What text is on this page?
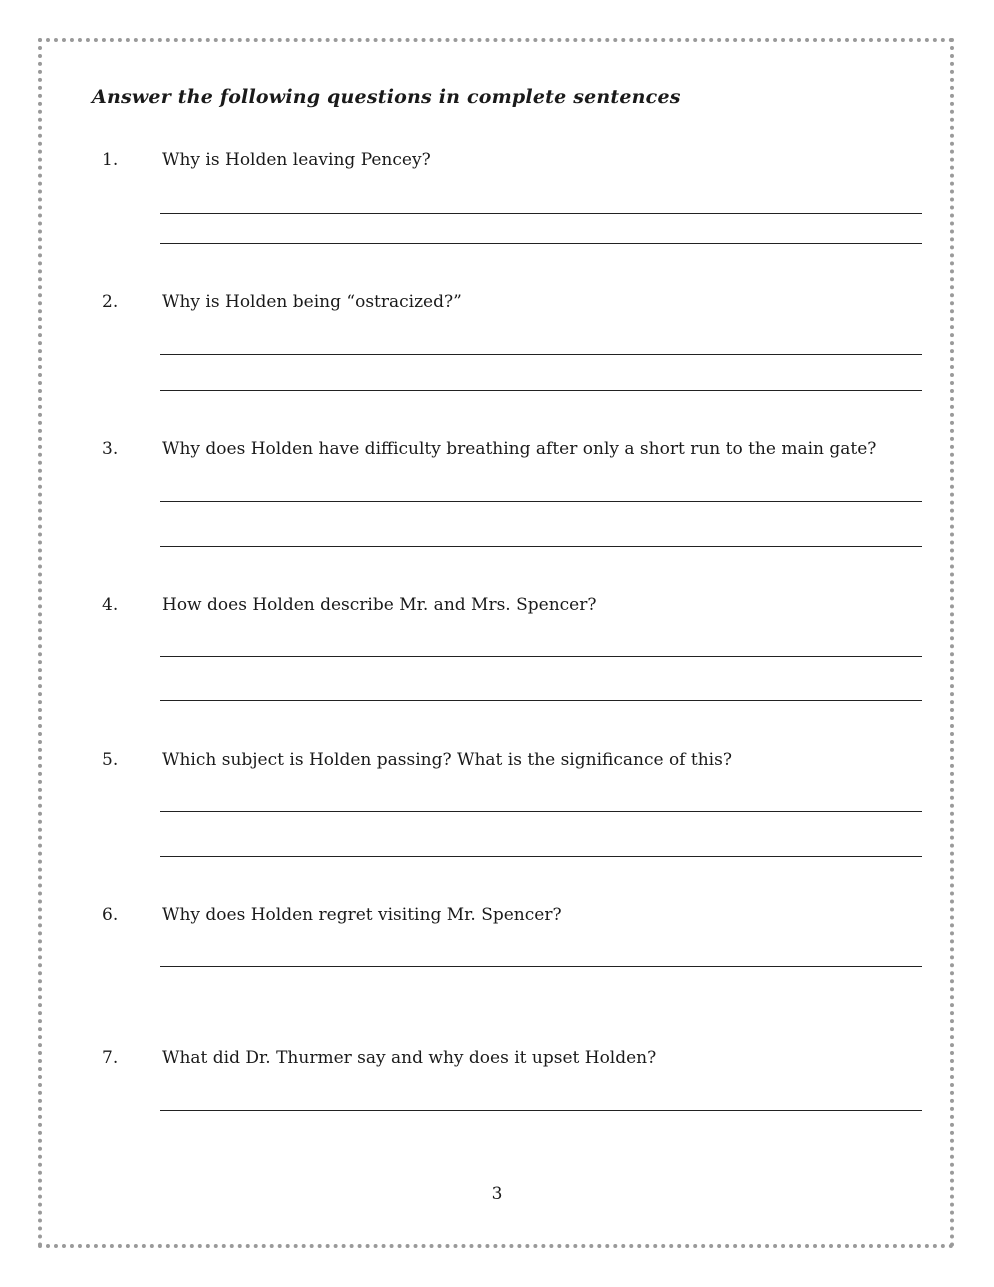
Answer the following questions in complete sentences
1.	Why is Holden leaving Pencey?
2.	Why is Holden being “ostracized?”
3.	Why does Holden have difficulty breathing after only a short run to the main gate?
4.	How does Holden describe Mr. and Mrs. Spencer?
5.	Which subject is Holden passing? What is the significance of this?
6.	Why does Holden regret visiting Mr. Spencer?
7.	What did Dr. Thurmer say and why does it upset Holden?
3
